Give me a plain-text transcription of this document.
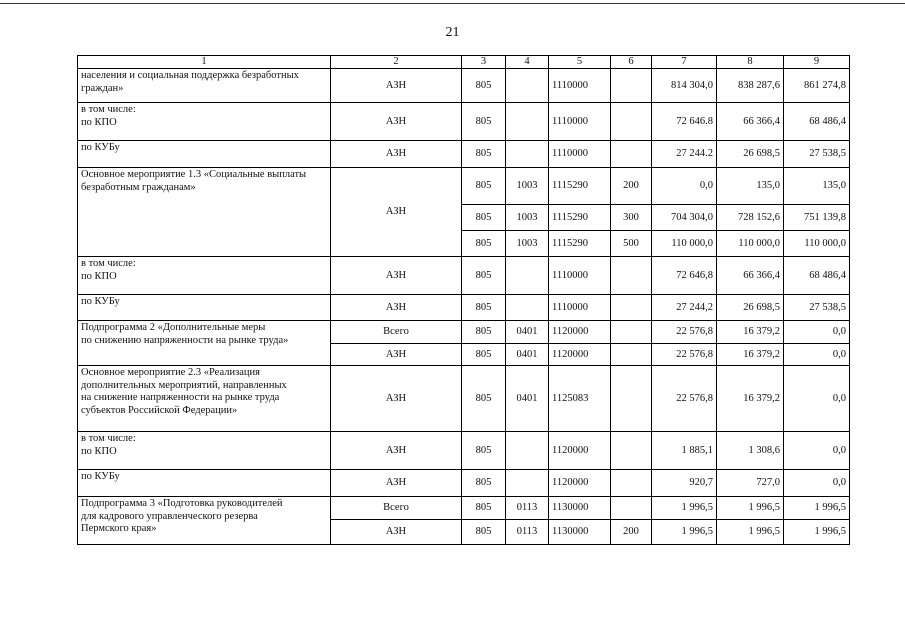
21
1	2	3	4	5	6	7	8	9
населения и социальная поддержка безработных граждан»	АЗН	805		1110000		814 304,0	838 287,6	861 274,8
в том числе:
по КПО	АЗН	805		1110000		72 646.8	66 366,4	68 486,4
по КУБу	АЗН	805		1110000		27 244.2	26 698,5	27 538,5
Основное мероприятие 1.3 «Социальные выплаты безработным гражданам»	АЗН	805	1003	1115290	200	0,0	135,0	135,0
		805	1003	1115290	300	704 304,0	728 152,6	751 139,8
		805	1003	1115290	500	110 000,0	110 000,0	110 000,0
в том числе:
по КПО	АЗН	805		1110000		72 646,8	66 366,4	68 486,4
по КУБу	АЗН	805		1110000		27 244,2	26 698,5	27 538,5
Подпрограмма 2 «Дополнительные меры
по снижению напряженности на рынке труда»	Всего	805	0401	1120000		22 576,8	16 379,2	0,0
	АЗН	805	0401	1120000		22 576,8	16 379,2	0,0
Основное мероприятие 2.3 «Реализация
дополнительных мероприятий, направленных
на снижение напряженности на рынке труда
субъектов Российской Федерации»	АЗН	805	0401	1125083		22 576,8	16 379,2	0,0
в том числе:
по КПО	АЗН	805		1120000		1 885,1	1 308,6	0,0
по КУБу	АЗН	805		1120000		920,7	727,0	0,0
Подпрограмма 3 «Подготовка руководителей
для кадрового управленческого резерва
Пермского края»	Всего	805	0113	1130000		1 996,5	1 996,5	1 996,5
	АЗН	805	0113	1130000	200	1 996,5	1 996,5	1 996,5
